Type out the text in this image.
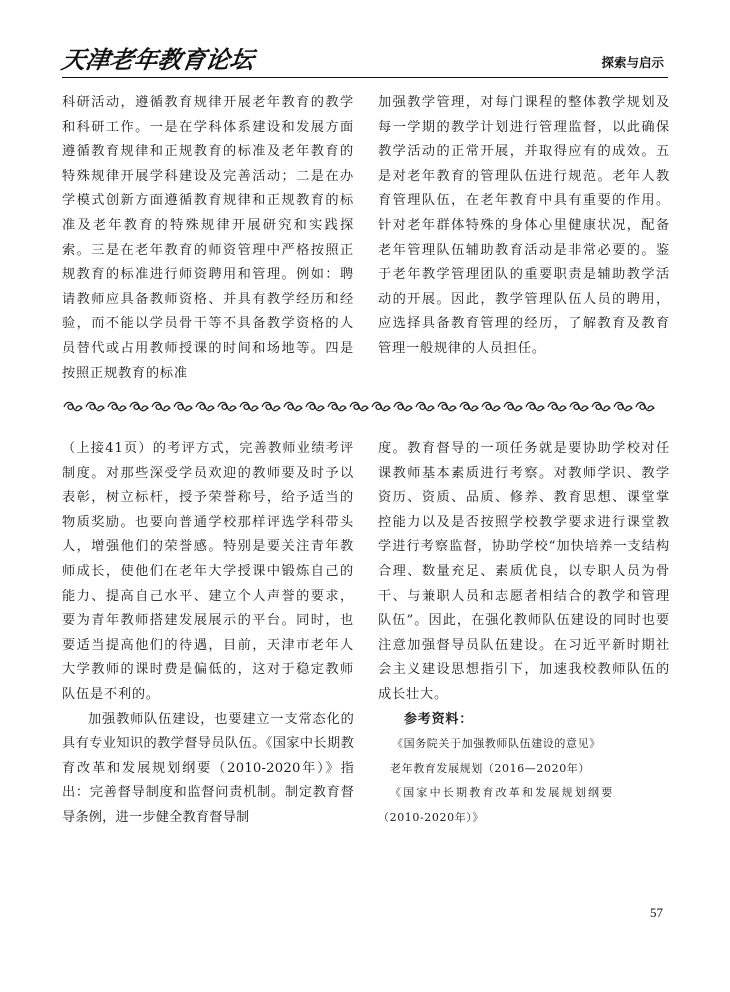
天津老年教育论坛	探索与启示

科研活动，遵循教育规律开展老年教育的教学和科研工作。一是在学科体系建设和发展方面遵循教育规律和正规教育的标准及老年教育的特殊规律开展学科建设及完善活动；二是在办学模式创新方面遵循教育规律和正规教育的标准及老年教育的特殊规律开展研究和实践探索。三是在老年教育的师资管理中严格按照正规教育的标准进行师资聘用和管理。例如：聘请教师应具备教师资格、并具有教学经历和经验，而不能以学员骨干等不具备教学资格的人员替代或占用教师授课的时间和场地等。四是按照正规教育的标准

加强教学管理，对每门课程的整体教学规划及每一学期的教学计划进行管理监督，以此确保教学活动的正常开展，并取得应有的成效。五是对老年教育的管理队伍进行规范。老年人教育管理队伍，在老年教育中具有重要的作用。针对老年群体特殊的身体心里健康状况，配备老年管理队伍辅助教育活动是非常必要的。鉴于老年教学管理团队的重要职责是辅助教学活动的开展。因此，教学管理队伍人员的聘用，应选择具备教育管理的经历，了解教育及教育管理一般规律的人员担任。

（上接41页）的考评方式，完善教师业绩考评制度。对那些深受学员欢迎的教师要及时予以表彰，树立标杆，授予荣誉称号，给予适当的物质奖励。也要向普通学校那样评选学科带头人，增强他们的荣誉感。特别是要关注青年教师成长，使他们在老年大学授课中锻炼自己的能力、提高自己水平、建立个人声誉的要求，要为青年教师搭建发展展示的平台。同时，也要适当提高他们的待遇，目前，天津市老年人大学教师的课时费是偏低的，这对于稳定教师队伍是不利的。

加强教师队伍建设，也要建立一支常态化的具有专业知识的教学督导员队伍。《国家中长期教育改革和发展规划纲要（2010-2020年）》指出：完善督导制度和监督问责机制。制定教育督导条例，进一步健全教育督导制

度。教育督导的一项任务就是要协助学校对任课教师基本素质进行考察。对教师学识、教学资历、资质、品质、修养、教育思想、课堂掌控能力以及是否按照学校教学要求进行课堂教学进行考察监督，协助学校“加快培养一支结构合理、数量充足、素质优良，以专职人员为骨干、与兼职人员和志愿者相结合的教学和管理队伍”。因此，在强化教师队伍建设的同时也要注意加强督导员队伍建设。在习近平新时期社会主义建设思想指引下，加速我校教师队伍的成长壮大。

参考资料：

《国务院关于加强教师队伍建设的意见》

老年教育发展规划（2016—2020年）

《国家中长期教育改革和发展规划纲要

（2010-2020年）》

57
